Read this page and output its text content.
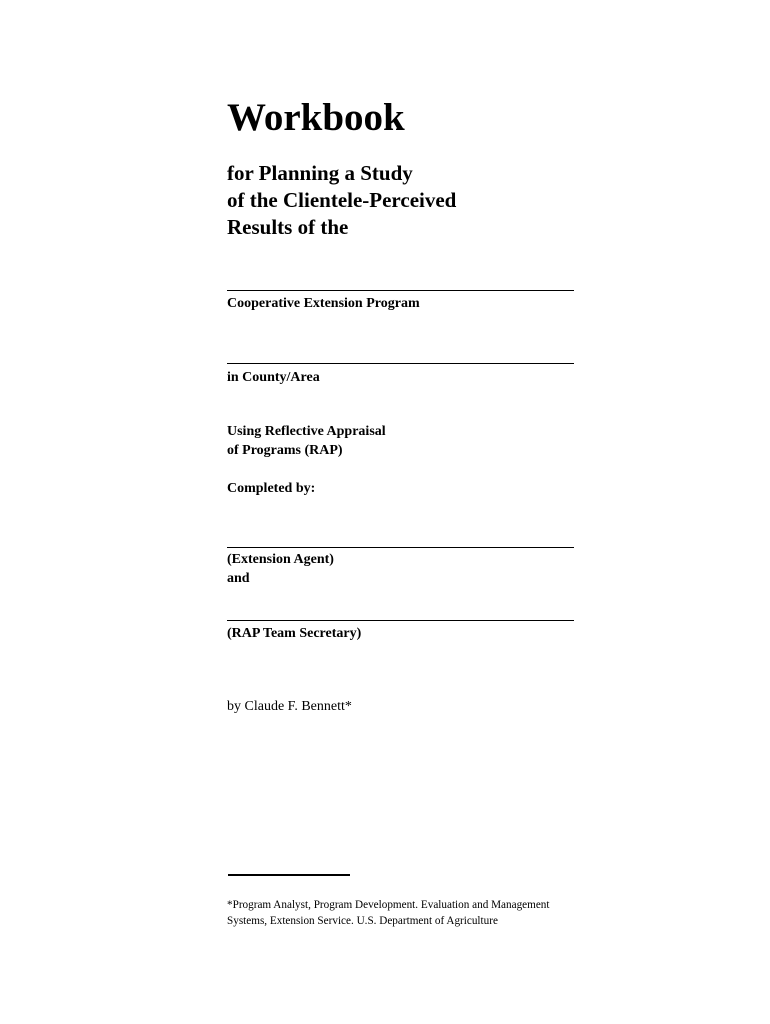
Workbook
for Planning a Study
of the Clientele-Perceived
Results of the
Cooperative Extension Program
in County/Area
Using Reflective Appraisal
of Programs (RAP)
Completed by:
(Extension Agent)
and
(RAP Team Secretary)
by Claude F. Bennett*
*Program Analyst, Program Development. Evaluation and Management
Systems, Extension Service. U.S. Department of Agriculture
